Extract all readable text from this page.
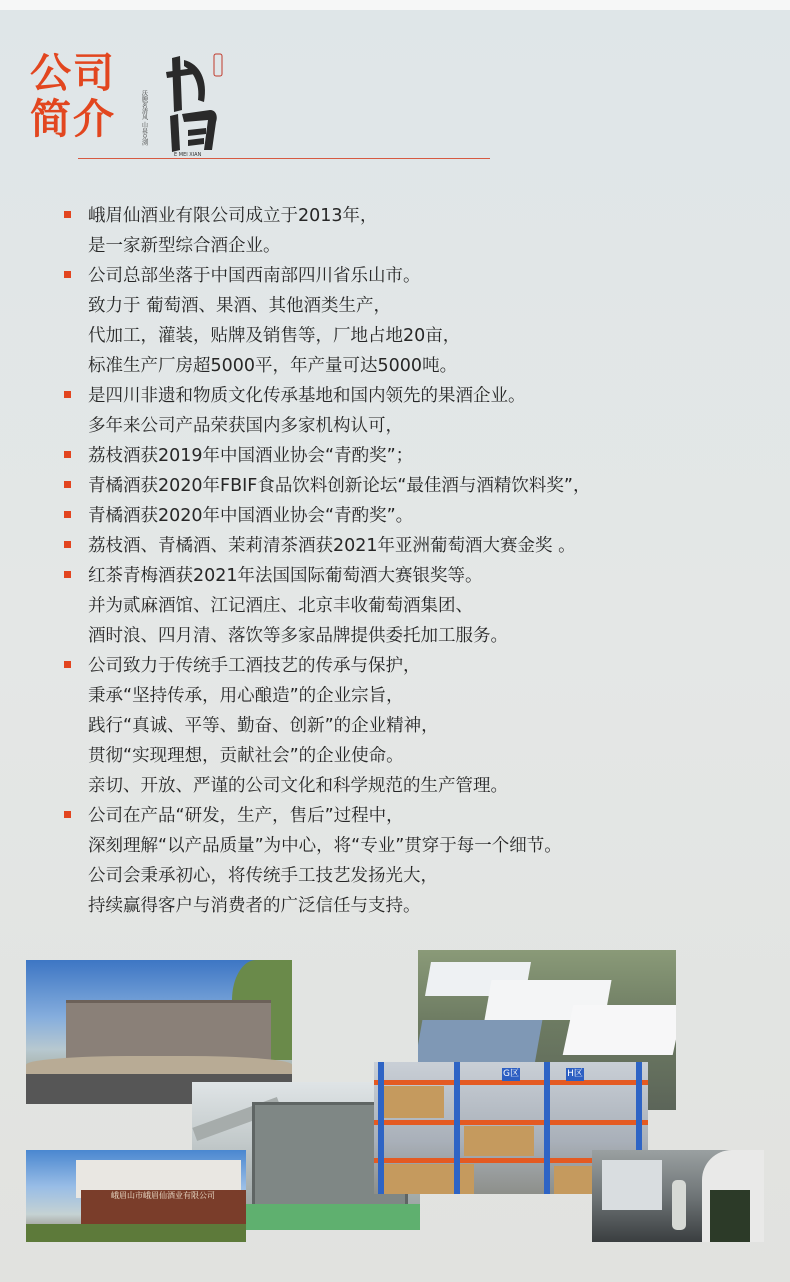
公司
简介	沃腴茗清风 山泉兑浏
E MEI XIAN
峨眉仙酒业有限公司成立于2013年，
是一家新型综合酒企业。
公司总部坐落于中国西南部四川省乐山市。
致力于 葡萄酒、果酒、其他酒类生产，
代加工，灌装，贴牌及销售等，厂地占地20亩，
标准生产厂房超5000平，年产量可达5000吨。
是四川非遗和物质文化传承基地和国内领先的果酒企业。
多年来公司产品荣获国内多家机构认可，
荔枝酒获2019年中国酒业协会“青酌奖”；
青橘酒获2020年FBIF食品饮料创新论坛“最佳酒与酒精饮料奖”，
青橘酒获2020年中国酒业协会“青酌奖”。
荔枝酒、青橘酒、茉莉清茶酒获2021年亚洲葡萄酒大赛金奖 。
红茶青梅酒获2021年法国国际葡萄酒大赛银奖等。
并为贰麻酒馆、江记酒庄、北京丰收葡萄酒集团、
酒时浪、四月清、落饮等多家品牌提供委托加工服务。
公司致力于传统手工酒技艺的传承与保护，
秉承“坚持传承，用心酿造”的企业宗旨，
践行“真诚、平等、勤奋、创新”的企业精神，
贯彻“实现理想，贡献社会”的企业使命。
亲切、开放、严谨的公司文化和科学规范的生产管理。
公司在产品“研发，生产，售后”过程中，
深刻理解“以产品质量”为中心，将“专业”贯穿于每一个细节。
公司会秉承初心，将传统手工技艺发扬光大，
持续赢得客户与消费者的广泛信任与支持。
峨眉山市峨眉仙酒业有限公司
G区	H区
